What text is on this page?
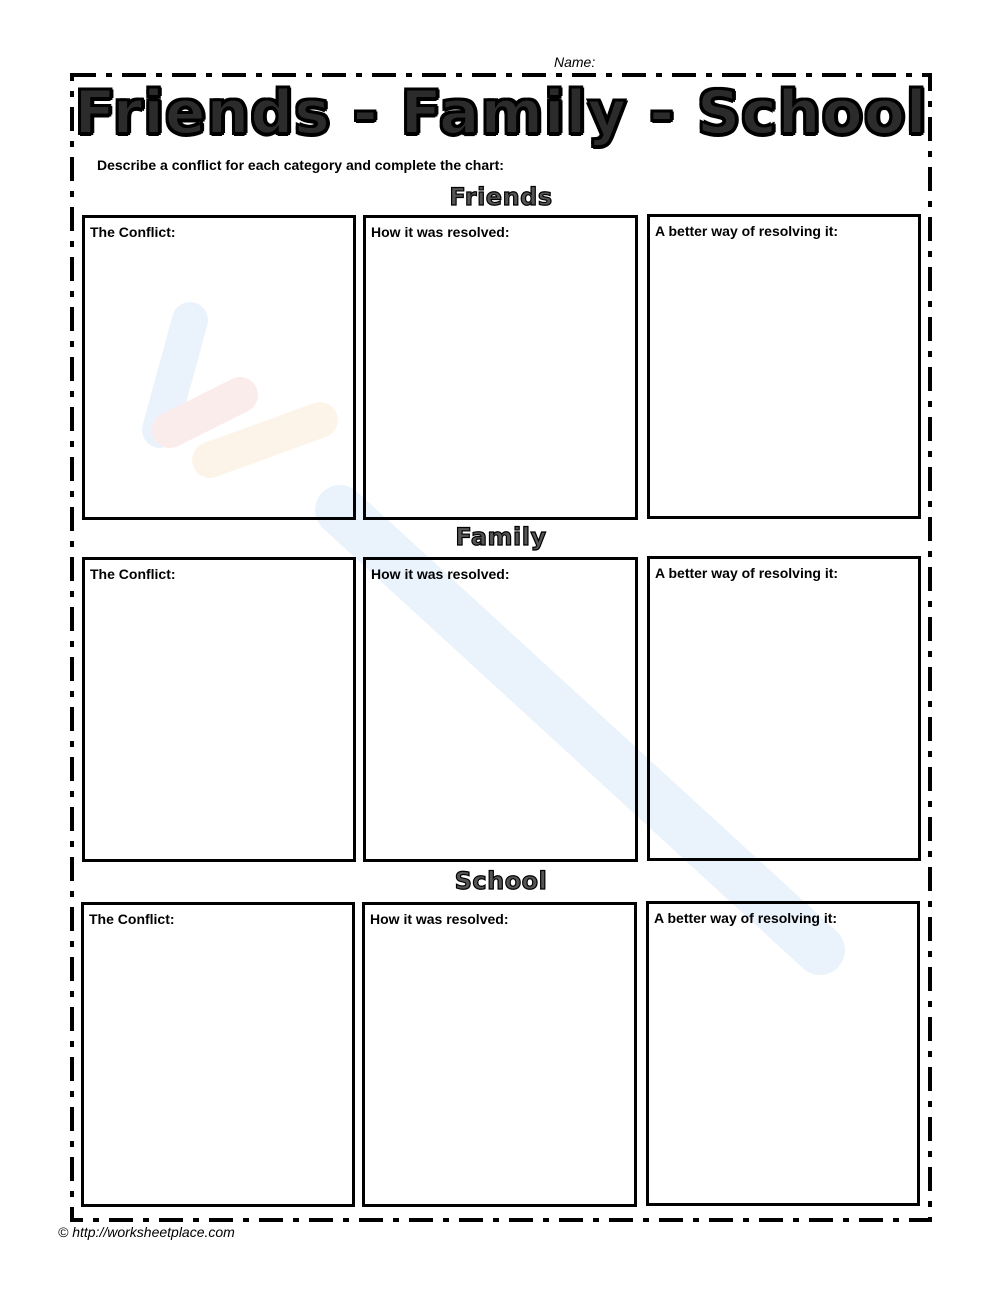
Name:
Friends - Family - School
Describe a conflict for each category and complete the chart:
Friends
The Conflict:	How it was resolved:	A better way of resolving it:
Family
The Conflict:	How it was resolved:	A better way of resolving it:
School
The Conflict:	How it was resolved:	A better way of resolving it:
© http://worksheetplace.com
